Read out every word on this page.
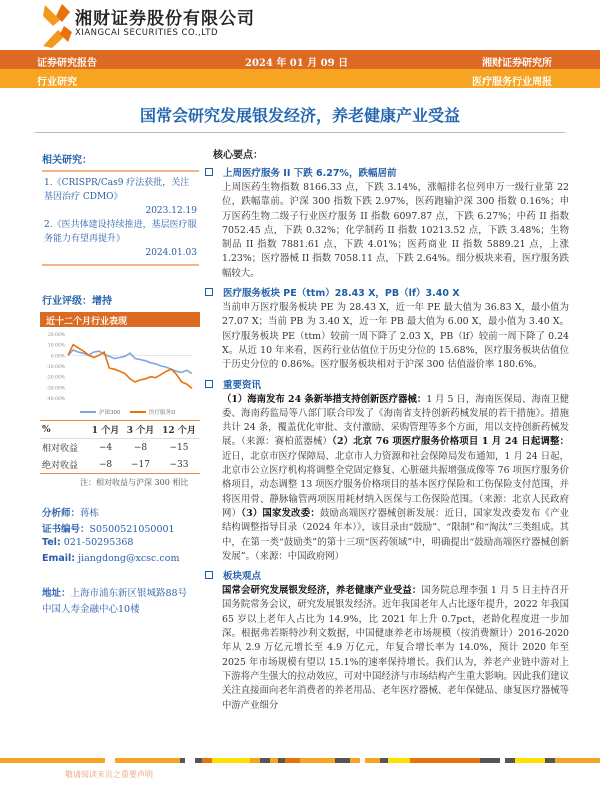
湘财证券股份有限公司
XIANGCAI SECURITIES CO.,LTD
证券研究报告	2024 年 01 月 09 日	湘财证券研究所
行业研究	医疗服务行业周报
国常会研究发展银发经济，养老健康产业受益
相关研究：
1.《CRISPR/Cas9 疗法获批，关注基因治疗 CDMO》
2023.12.19
2.《医共体建设持续推进，基层医疗服务能力有望再提升》
2024.01.03
行业评级：增持
近十二个月行业表现
20.00%
10.00%
0.00%
-10.00%
-20.00%
-30.00%
-40.00%
沪深300	医疗服务II
%	1 个月	3 个月	12 个月
相对收益	−4	−8	−15
绝对收益	−8	−17	−33
注：相对收益与沪深 300 相比
分析师：蒋栋
证书编号：S0500521050001
Tel: 021-50295368
Email: jiangdong@xcsc.com
地址：上海市浦东新区银城路88号
中国人寿金融中心10楼
核心要点：
上周医疗服务 II 下跌 6.27%，跌幅居前
上周医药生物指数 8166.33 点，下跌 3.14%，涨幅排名位列申万一级行业第 22 位，跌幅靠前。沪深 300 指数下跌 2.97%，医药跑输沪深 300 指数 0.16%；申万医药生物二级子行业医疗服务 II 指数 6097.87 点，下跌 6.27%；中药 II 指数 7052.45 点，下跌 0.32%；化学制药 II 指数 10213.52 点，下跌 3.48%；生物制品 II 指数 7881.61 点，下跌 4.01%；医药商业 II 指数 5889.21 点，上涨 1.23%；医疗器械 II 指数 7058.11 点，下跌 2.64%。细分板块来看，医疗服务跌幅较大。
医疗服务板块 PE（ttm）28.43 X，PB（lf）3.40 X
当前申万医疗服务板块 PE 为 28.43 X，近一年 PE 最大值为 36.83 X，最小值为 27.07 X；当前 PB 为 3.40 X，近一年 PB 最大值为 6.00 X，最小值为 3.40 X。医疗服务板块 PE（ttm）较前一周下降了 2.03 X，PB（lf）较前一周下降了 0.24 X。从近 10 年来看，医药行业估值位于历史分位的 15.68%，医疗服务板块估值位于历史分位的 0.86%。医疗服务板块相对于沪深 300 估值溢价率 180.6%。
重要资讯
（1）海南发布 24 条新举措支持创新医疗器械：1 月 5 日，海南医保局、海南卫健委、海南药监局等八部门联合印发了《海南省支持创新药械发展的若干措施》。措施共计 24 条，覆盖优化审批、支付激励、采购管理等多个方面，用以支持创新药械发展。（来源：赛柏蓝器械）（2）北京 76 项医疗服务价格项目 1 月 24 日起调整：近日，北京市医疗保障局、北京市人力资源和社会保障局发布通知，1 月 24 日起，北京市公立医疗机构将调整全党固定修复、心脏磁共振增强成像等 76 项医疗服务价格项目，动态调整 13 项医疗服务价格项目的基本医疗保险和工伤保险支付范围，并将医用骨、静脉输管两项医用耗材纳入医保与工伤保险范围。（来源：北京人民政府网）（3）国家发改委：鼓励高端医疗器械创新发展：近日，国家发改委发布《产业结构调整指导目录（2024 年本）》，该目录由“鼓励”、“限制”和“淘汰”三类组成。其中，在第一类“鼓励类”的第十三项“医药领域”中，明确提出“鼓励高端医疗器械创新发展”。（来源：中国政府网）
板块观点
国常会研究发展银发经济，养老健康产业受益：国务院总理李强 1 月 5 日主持召开国务院常务会议，研究发展银发经济。近年我国老年人占比逐年提升，2022 年我国 65 岁以上老年人占比为 14.9%，比 2021 年上升 0.7pct，老龄化程度进一步加深。根据弗若斯特沙利文数据，中国健康养老市场规模（按消费额计）2016-2020 年从 2.9 万亿元增长至 4.9 万亿元，年复合增长率为 14.0%，预计 2020 年至 2025 年市场规模有望以 15.1%的速率保持增长。我们认为，养老产业链中游对上下游将产生强大的拉动效应，可对中国经济与市场结构产生重大影响。因此我们建议关注直接面向老年消费者的养老用品、老年医疗器械、老年保健品、康复医疗器械等中游产业细分
敬请阅读末页之重要声明
